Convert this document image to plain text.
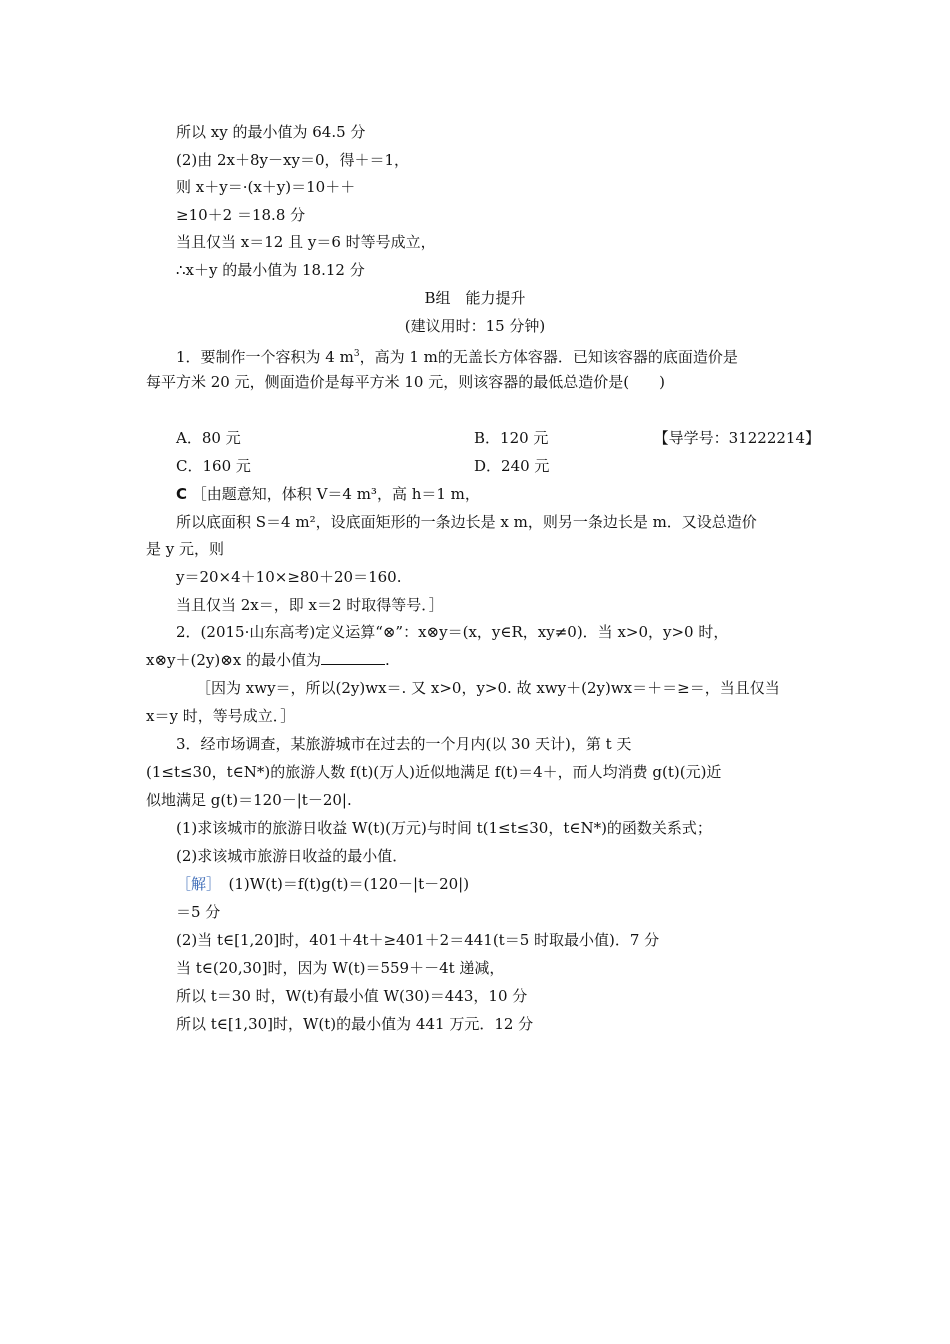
所以 xy 的最小值为 64.5 分
(2)由 2x＋8y－xy＝0，得＋＝1，
则 x＋y＝·(x＋y)＝10＋＋
≥10＋2 ＝18.8 分
当且仅当 x＝12 且 y＝6 时等号成立，
∴x＋y 的最小值为 18.12 分
B组　能力提升
(建议用时：15 分钟)
1．要制作一个容积为 4 $m^3$，高为 1 m的无盖长方体容器．已知该容器的底面造价是
每平方米 20 元，侧面造价是每平方米 10 元，则该容器的最低总造价是(　　)
【导学号：31222214】
A．80 元	B．120 元
C．160 元	D．240 元
C ［由题意知，体积 V＝4 m³，高 h＝1 m，
所以底面积 S＝4 m²，设底面矩形的一条边长是 x m，则另一条边长是 m．又设总造价
是 y 元，则
y＝20×4＋10×≥80＋20＝160.
当且仅当 2x＝，即 x＝2 时取得等号．］
2．(2015·山东高考)定义运算“⊗”：x⊗y＝(x，y∈R，xy≠0)．当 x>0，y>0 时，
x⊗y＋(2y)⊗x 的最小值为	.
［因为 xwy＝，所以(2y)wx＝. 又 x>0，y>0. 故 xwy＋(2y)wx＝＋＝≥＝，当且仅当
x＝y 时，等号成立．］
3．经市场调查，某旅游城市在过去的一个月内(以 30 天计)，第 t 天
(1≤t≤30，t∈N*)的旅游人数 f(t)(万人)近似地满足 f(t)＝4＋，而人均消费 g(t)(元)近
似地满足 g(t)＝120－|t－20|.
(1)求该城市的旅游日收益 W(t)(万元)与时间 t(1≤t≤30，t∈N*)的函数关系式；
(2)求该城市旅游日收益的最小值．
［解］　(1)W(t)＝f(t)g(t)＝(120－|t－20|)
＝5 分
(2)当 t∈[1,20]时，401＋4t＋≥401＋2＝441(t＝5 时取最小值)．7 分
当 t∈(20,30]时，因为 W(t)＝559＋－4t 递减，
所以 t＝30 时，W(t)有最小值 W(30)＝443，10 分
所以 t∈[1,30]时，W(t)的最小值为 441 万元．12 分
